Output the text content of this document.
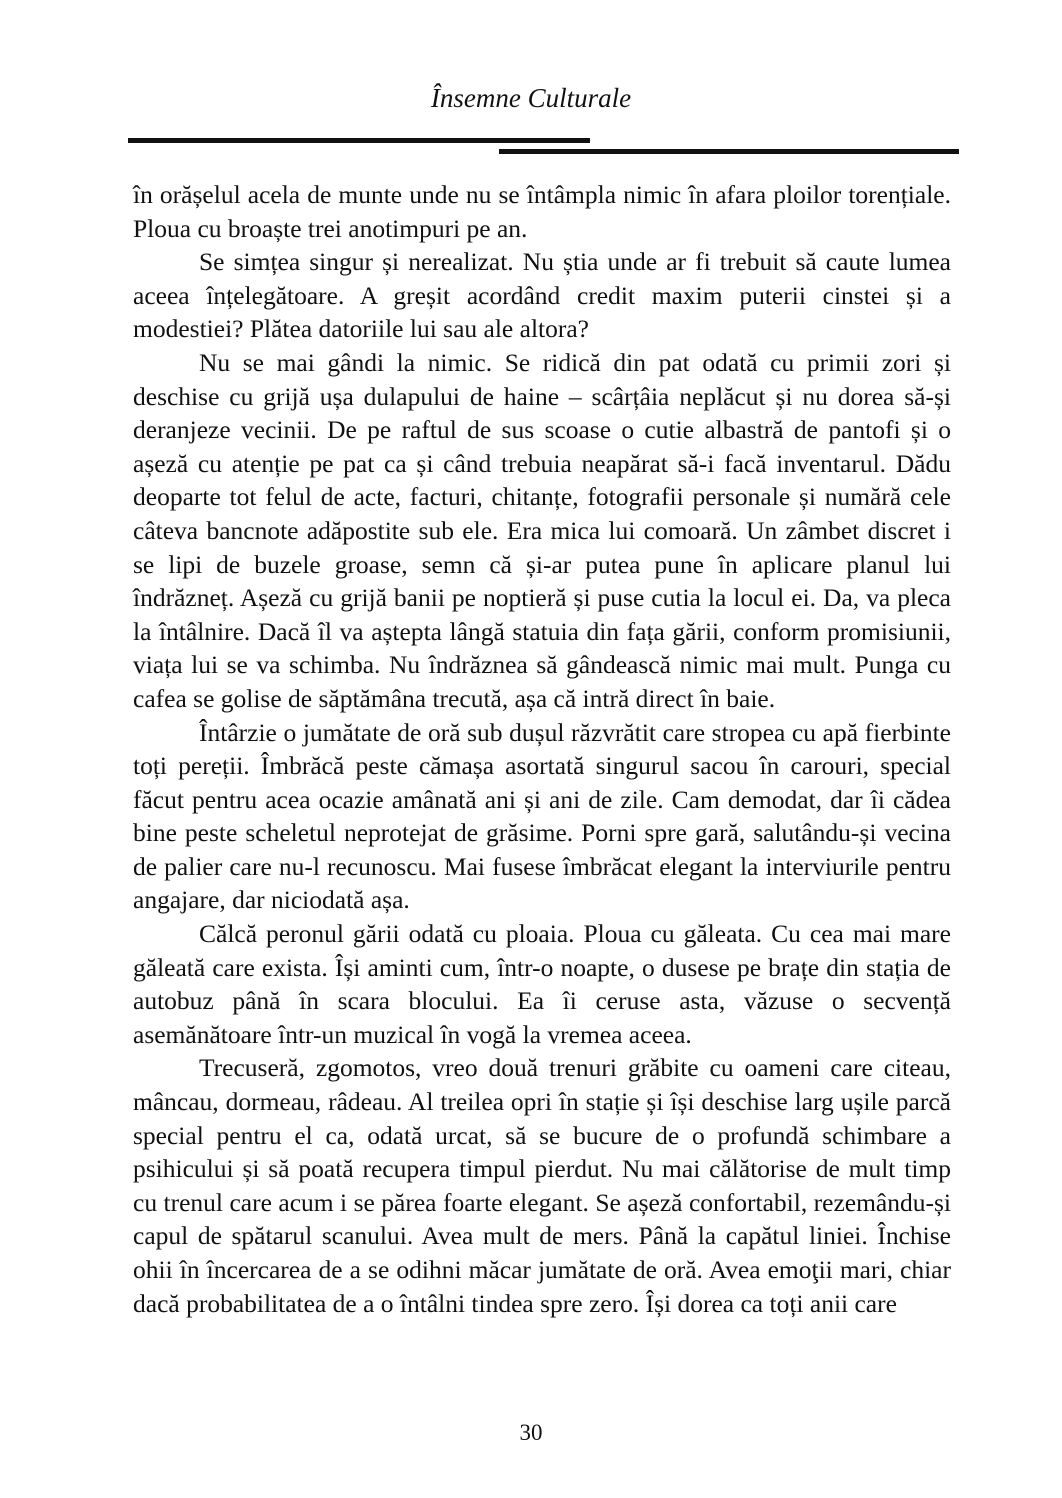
Însemne Culturale

în orășelul acela de munte unde nu se întâmpla nimic în afara ploilor torențiale. Ploua cu broaște trei anotimpuri pe an.

Se simțea singur și nerealizat. Nu știa unde ar fi trebuit să caute lumea aceea înțelegătoare. A greșit acordând credit maxim puterii cinstei și a modestiei? Plătea datoriile lui sau ale altora?

Nu se mai gândi la nimic. Se ridică din pat odată cu primii zori și deschise cu grijă ușa dulapului de haine – scârțâia neplăcut și nu dorea să-și deranjeze vecinii. De pe raftul de sus scoase o cutie albastră de pantofi și o așeză cu atenție pe pat ca și când trebuia neapărat să-i facă inventarul. Dădu deoparte tot felul de acte, facturi, chitanțe, fotografii personale și numără cele câteva bancnote adăpostite sub ele. Era mica lui comoară. Un zâmbet discret i se lipi de buzele groase, semn că și-ar putea pune în aplicare planul lui îndrăzneț. Așeză cu grijă banii pe noptieră și puse cutia la locul ei. Da, va pleca la întâlnire. Dacă îl va aștepta lângă statuia din fața gării, conform promisiunii, viața lui se va schimba. Nu îndrăznea să gândească nimic mai mult. Punga cu cafea se golise de săptămâna trecută, așa că intră direct în baie.

Întârzie o jumătate de oră sub dușul răzvrătit care stropea cu apă fierbinte toți pereții. Îmbrăcă peste cămașa asortată singurul sacou în carouri, special făcut pentru acea ocazie amânată ani și ani de zile. Cam demodat, dar îi cădea bine peste scheletul neprotejat de grăsime. Porni spre gară, salutându-și vecina de palier care nu-l recunoscu. Mai fusese îmbrăcat elegant la interviurile pentru angajare, dar niciodată așa.

Călcă peronul gării odată cu ploaia. Ploua cu găleata. Cu cea mai mare găleată care exista. Își aminti cum, într-o noapte, o dusese pe brațe din stația de autobuz până în scara blocului. Ea îi ceruse asta, văzuse o secvență asemănătoare într-un muzical în vogă la vremea aceea.

Trecuseră, zgomotos, vreo două trenuri grăbite cu oameni care citeau, mâncau, dormeau, râdeau. Al treilea opri în stație și își deschise larg ușile parcă special pentru el ca, odată urcat, să se bucure de o profundă schimbare a psihicului și să poată recupera timpul pierdut. Nu mai călătorise de mult timp cu trenul care acum i se părea foarte elegant. Se așeză confortabil, rezemându-și capul de spătarul scanului. Avea mult de mers. Până la capătul liniei. Închise ohii în încercarea de a se odihni măcar jumătate de oră. Avea emoţii mari, chiar dacă probabilitatea de a o întâlni tindea spre zero. Își dorea ca toți anii care

30
